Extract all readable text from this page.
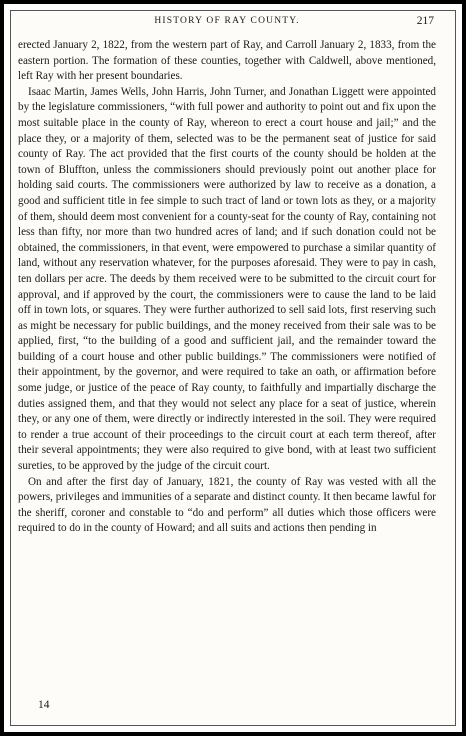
HISTORY OF RAY COUNTY.	217

erected January 2, 1822, from the western part of Ray, and Carroll January 2, 1833, from the eastern portion. The formation of these counties, together with Caldwell, above mentioned, left Ray with her present boundaries.

Isaac Martin, James Wells, John Harris, John Turner, and Jonathan Liggett were appointed by the legislature commissioners, “with full power and authority to point out and fix upon the most suitable place in the county of Ray, whereon to erect a court house and jail;” and the place they, or a majority of them, selected was to be the permanent seat of justice for said county of Ray. The act provided that the first courts of the county should be holden at the town of Bluffton, unless the commissioners should previously point out another place for holding said courts. The commissioners were authorized by law to receive as a donation, a good and sufficient title in fee simple to such tract of land or town lots as they, or a majority of them, should deem most convenient for a county-seat for the county of Ray, containing not less than fifty, nor more than two hundred acres of land; and if such donation could not be obtained, the commissioners, in that event, were empowered to purchase a similar quantity of land, without any reservation whatever, for the purposes aforesaid. They were to pay in cash, ten dollars per acre. The deeds by them received were to be submitted to the circuit court for approval, and if approved by the court, the commissioners were to cause the land to be laid off in town lots, or squares. They were further authorized to sell said lots, first reserving such as might be necessary for public buildings, and the money received from their sale was to be applied, first, “to the building of a good and sufficient jail, and the remainder toward the building of a court house and other public buildings.” The commissioners were notified of their appointment, by the governor, and were required to take an oath, or affirmation before some judge, or justice of the peace of Ray county, to faithfully and impartially discharge the duties assigned them, and that they would not select any place for a seat of justice, wherein they, or any one of them, were directly or indirectly interested in the soil. They were required to render a true account of their proceedings to the circuit court at each term thereof, after their several appointments; they were also required to give bond, with at least two sufficient sureties, to be approved by the judge of the circuit court.

On and after the first day of January, 1821, the county of Ray was vested with all the powers, privileges and immunities of a separate and distinct county. It then became lawful for the sheriff, coroner and constable to “do and perform” all duties which those officers were required to do in the county of Howard; and all suits and actions then pending in

14
